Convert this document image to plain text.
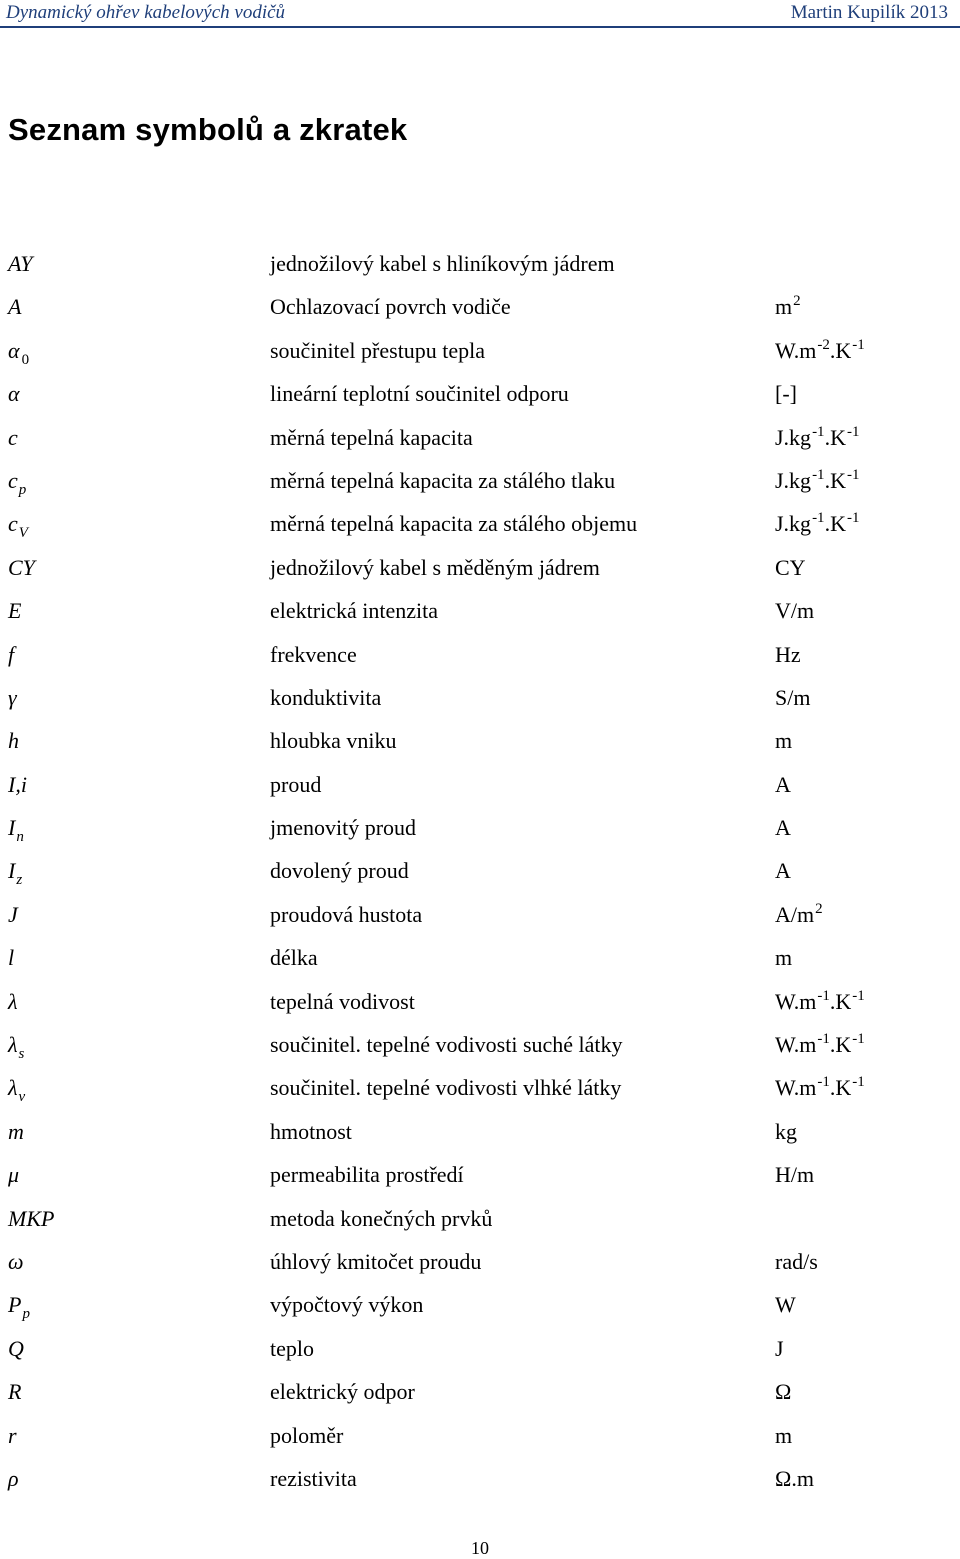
Dynamický ohřev kabelových vodičů	Martin Kupilík 2013
Seznam symbolů a zkratek
AY	jednožilový kabel s hliníkovým jádrem
A	Ochlazovací povrch vodiče	$m^2$
α $_0$	součinitel přestupu tepla	$W.m^{-2}.K^{-1}$
α	lineární teplotní součinitel odporu	[-]
c	měrná tepelná kapacita	$J.kg^{-1}.K^{-1}$
$c_p$	měrná tepelná kapacita za stálého tlaku	$J.kg^{-1}.K^{-1}$
$c_V$	měrná tepelná kapacita za stálého objemu	$J.kg^{-1}.K^{-1}$
CY	jednožilový kabel s měděným jádrem	CY
E	elektrická intenzita	V/m
f	frekvence	Hz
γ	konduktivita	S/m
h	hloubka vniku	m
I,i	proud	A
$I_n$	jmenovitý proud	A
$I_z$	dovolený proud	A
J	proudová hustota	$A/m^2$
l	délka	m
λ	tepelná vodivost	$W.m^{-1}.K^{-1}$
$\lambda_s$	součinitel. tepelné vodivosti suché látky	$W.m^{-1}.K^{-1}$
$\lambda_v$	součinitel. tepelné vodivosti vlhké látky	$W.m^{-1}.K^{-1}$
m	hmotnost	kg
μ	permeabilita prostředí	H/m
MKP	metoda konečných prvků
ω	úhlový kmitočet proudu	rad/s
$P_p$	výpočtový výkon	W
Q	teplo	J
R	elektrický odpor	Ω
r	poloměr	m
ρ	rezistivita	Ω.m
10
